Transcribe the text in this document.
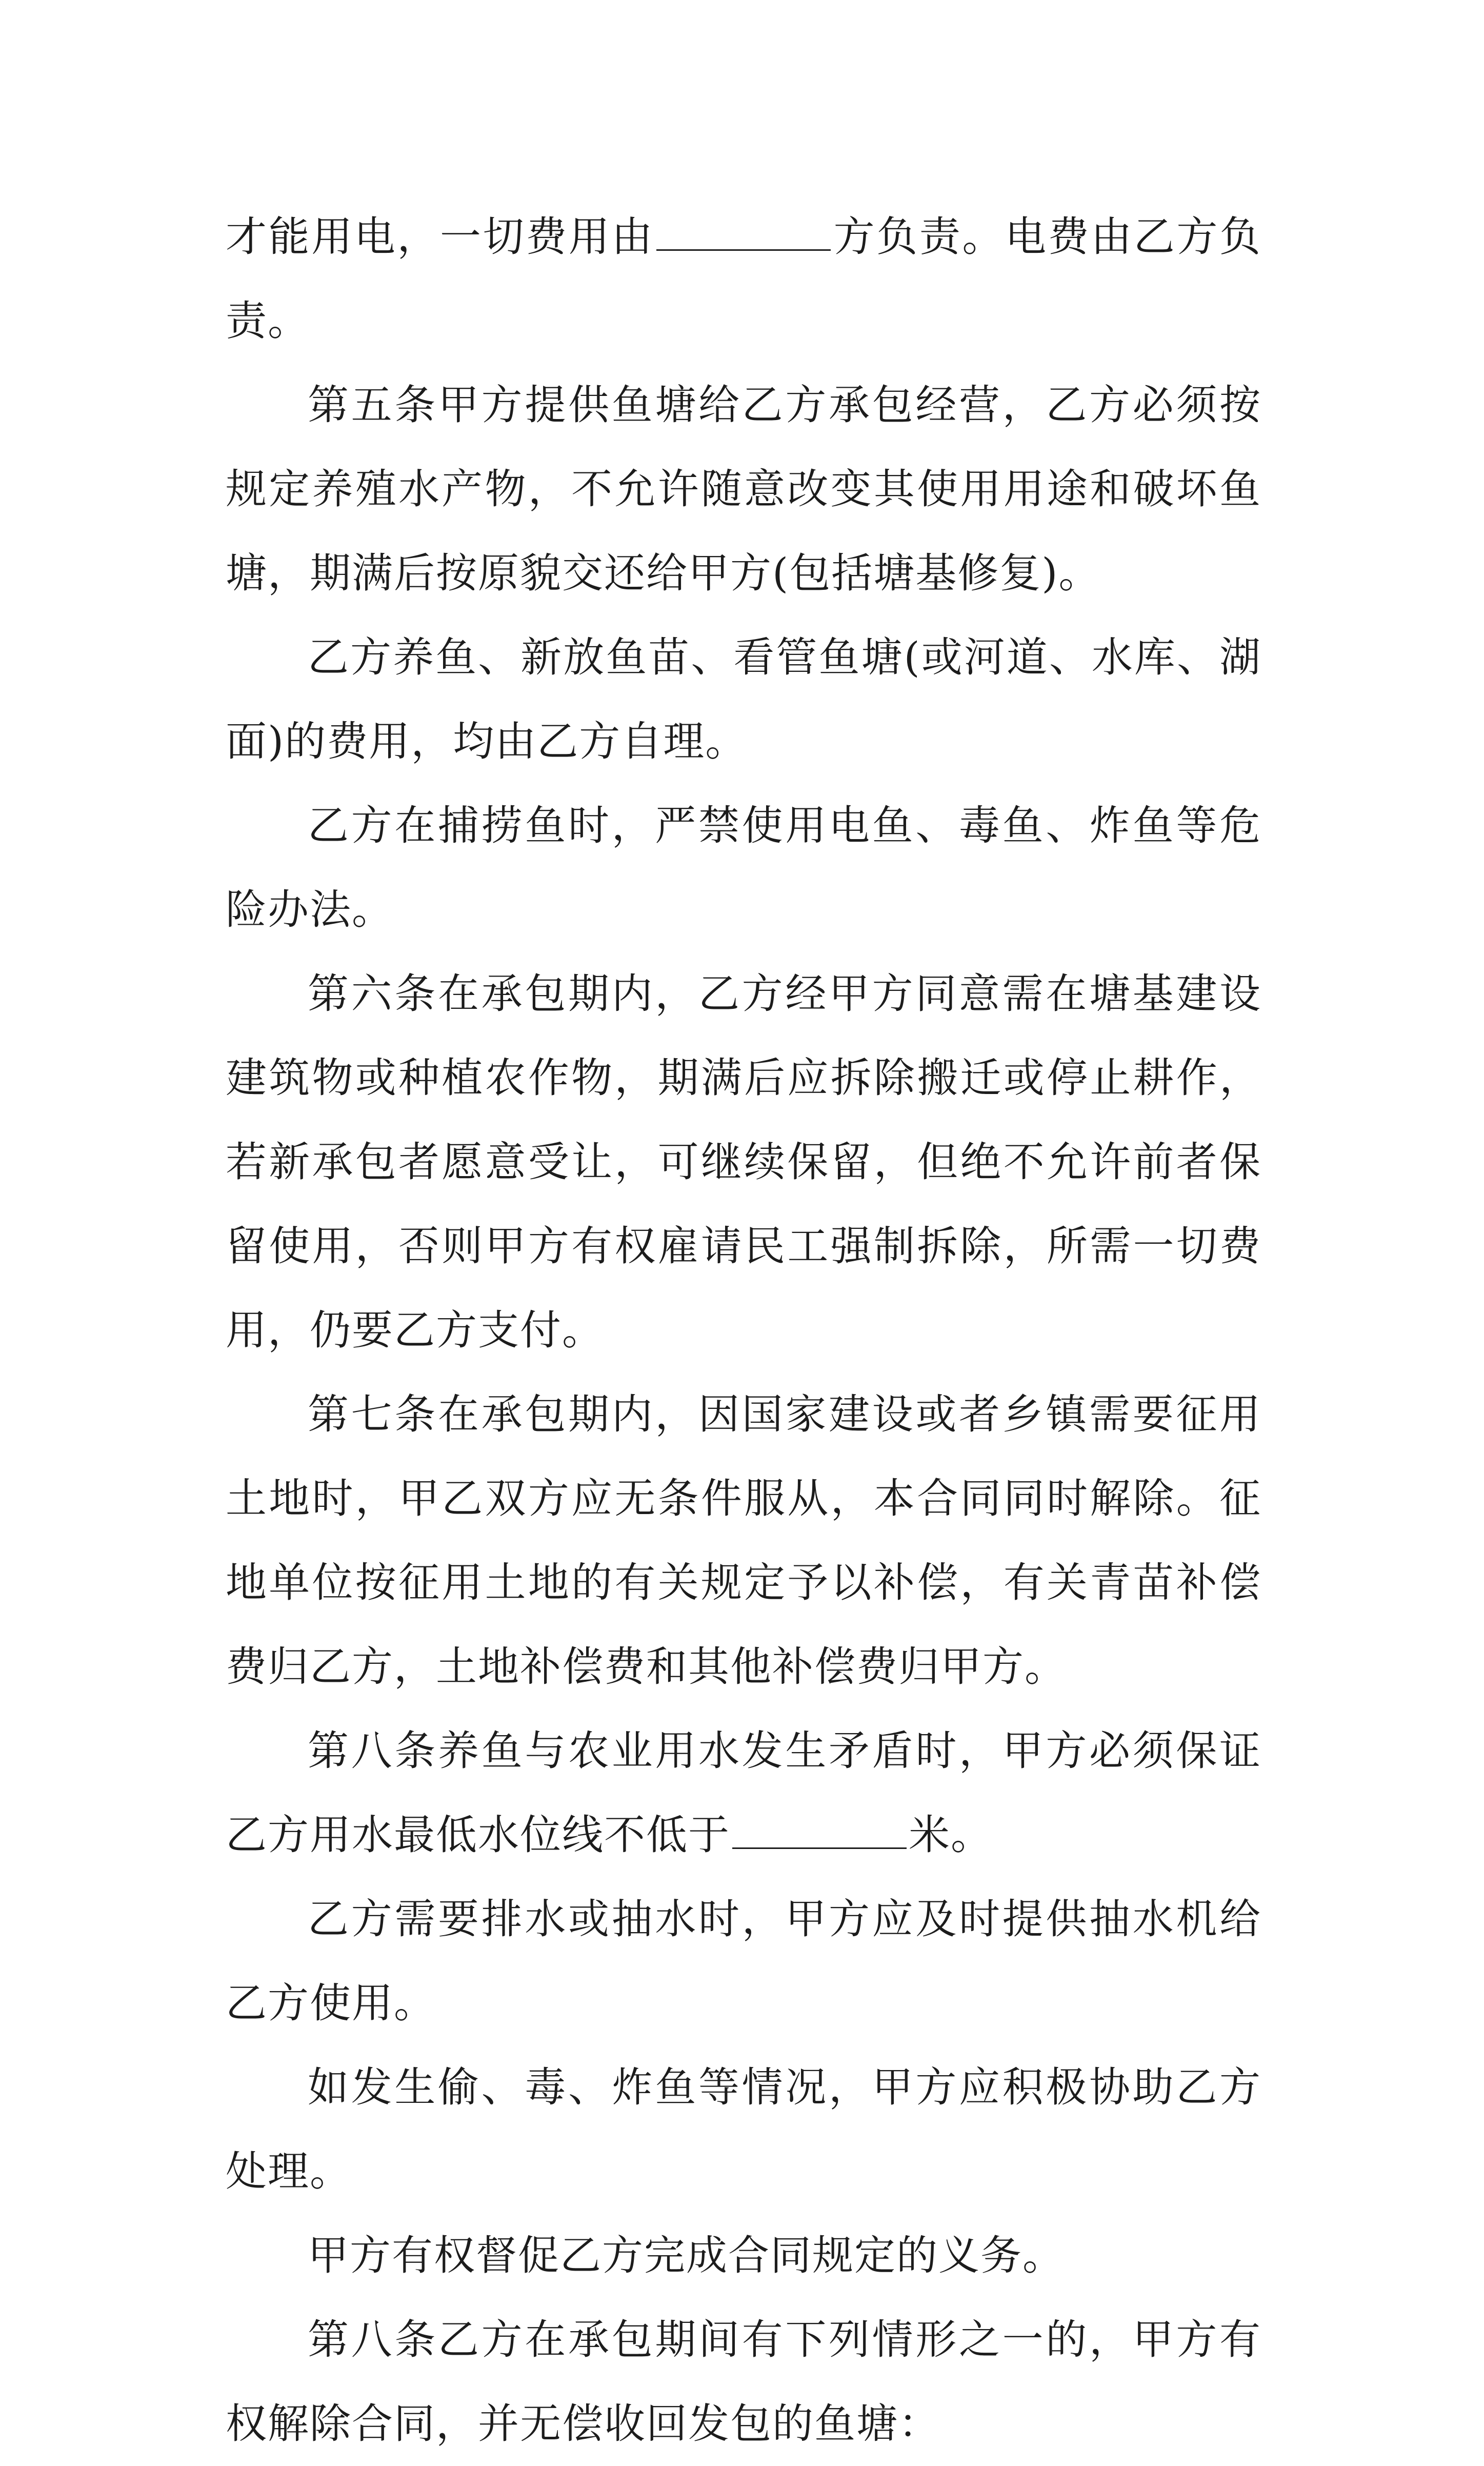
才能用电，一切费用由	方负责。电费由乙方负责。

第五条甲方提供鱼塘给乙方承包经营，乙方必须按规定养殖水产物，不允许随意改变其使用用途和破坏鱼塘，期满后按原貌交还给甲方(包括塘基修复)。

乙方养鱼、新放鱼苗、看管鱼塘(或河道、水库、湖面)的费用，均由乙方自理。

乙方在捕捞鱼时，严禁使用电鱼、毒鱼、炸鱼等危险办法。

第六条在承包期内，乙方经甲方同意需在塘基建设建筑物或种植农作物，期满后应拆除搬迁或停止耕作，若新承包者愿意受让，可继续保留，但绝不允许前者保留使用，否则甲方有权雇请民工强制拆除，所需一切费用，仍要乙方支付。

第七条在承包期内，因国家建设或者乡镇需要征用土地时，甲乙双方应无条件服从，本合同同时解除。征地单位按征用土地的有关规定予以补偿，有关青苗补偿费归乙方，土地补偿费和其他补偿费归甲方。

第八条养鱼与农业用水发生矛盾时，甲方必须保证乙方用水最低水位线不低于	米。

乙方需要排水或抽水时，甲方应及时提供抽水机给乙方使用。

如发生偷、毒、炸鱼等情况，甲方应积极协助乙方处理。

甲方有权督促乙方完成合同规定的义务。

第八条乙方在承包期间有下列情形之一的，甲方有权解除合同，并无偿收回发包的鱼塘：
